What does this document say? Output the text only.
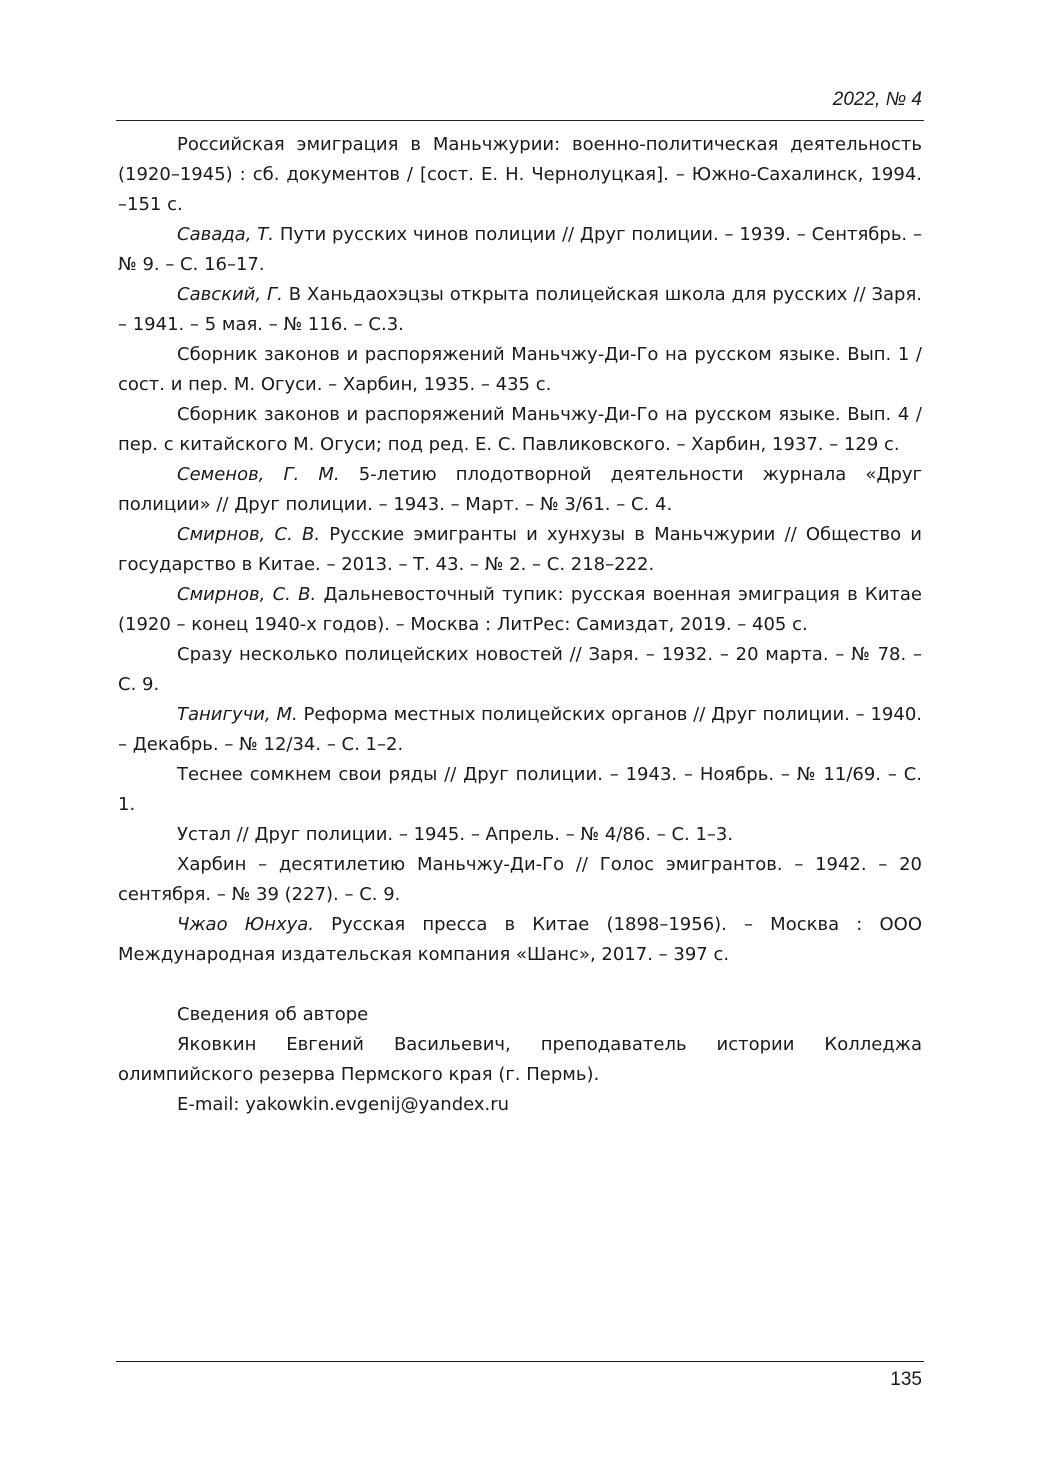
2022, № 4

Российская эмиграция в Маньчжурии: военно-политическая деятельность (1920–1945) : сб. документов / [сост. Е. Н. Чернолуцкая]. – Южно-Сахалинск, 1994. –151 с.

Савада, Т. Пути русских чинов полиции // Друг полиции. – 1939. – Сентябрь. – № 9. – С. 16–17.

Савский, Г. В Ханьдаохэцзы открыта полицейская школа для русских // Заря. – 1941. – 5 мая. – № 116. – С.3.

Сборник законов и распоряжений Маньчжу-Ди-Го на русском языке. Вып. 1 / сост. и пер. М. Огуси. – Харбин, 1935. – 435 с.

Сборник законов и распоряжений Маньчжу-Ди-Го на русском языке. Вып. 4 / пер. с китайского М. Огуси; под ред. Е. С. Павликовского. – Харбин, 1937. – 129 с.

Семенов, Г. М. 5-летию плодотворной деятельности журнала «Друг полиции» // Друг полиции. – 1943. – Март. – № 3/61. – С. 4.

Смирнов, С. В. Русские эмигранты и хунхузы в Маньчжурии // Общество и государство в Китае. – 2013. – Т. 43. – № 2. – С. 218–222.

Смирнов, С. В. Дальневосточный тупик: русская военная эмиграция в Китае (1920 – конец 1940-х годов). – Москва : ЛитРес: Самиздат, 2019. – 405 с.

Сразу несколько полицейских новостей // Заря. – 1932. – 20 марта. – № 78. – С. 9.

Танигучи, М. Реформа местных полицейских органов // Друг полиции. – 1940. – Декабрь. – № 12/34. – С. 1–2.

Теснее сомкнем свои ряды // Друг полиции. – 1943. – Ноябрь. – № 11/69. – С. 1.

Устал // Друг полиции. – 1945. – Апрель. – № 4/86. – С. 1–3.

Харбин – десятилетию Маньчжу-Ди-Го // Голос эмигрантов. – 1942. – 20 сентября. – № 39 (227). – С. 9.

Чжао Юнхуа. Русская пресса в Китае (1898–1956). – Москва : ООО Международная издательская компания «Шанс», 2017. – 397 с.

Сведения об авторе

Яковкин Евгений Васильевич, преподаватель истории Колледжа олимпийского резерва Пермского края (г. Пермь).

E-mail: yakowkin.evgenij@yandex.ru

135
